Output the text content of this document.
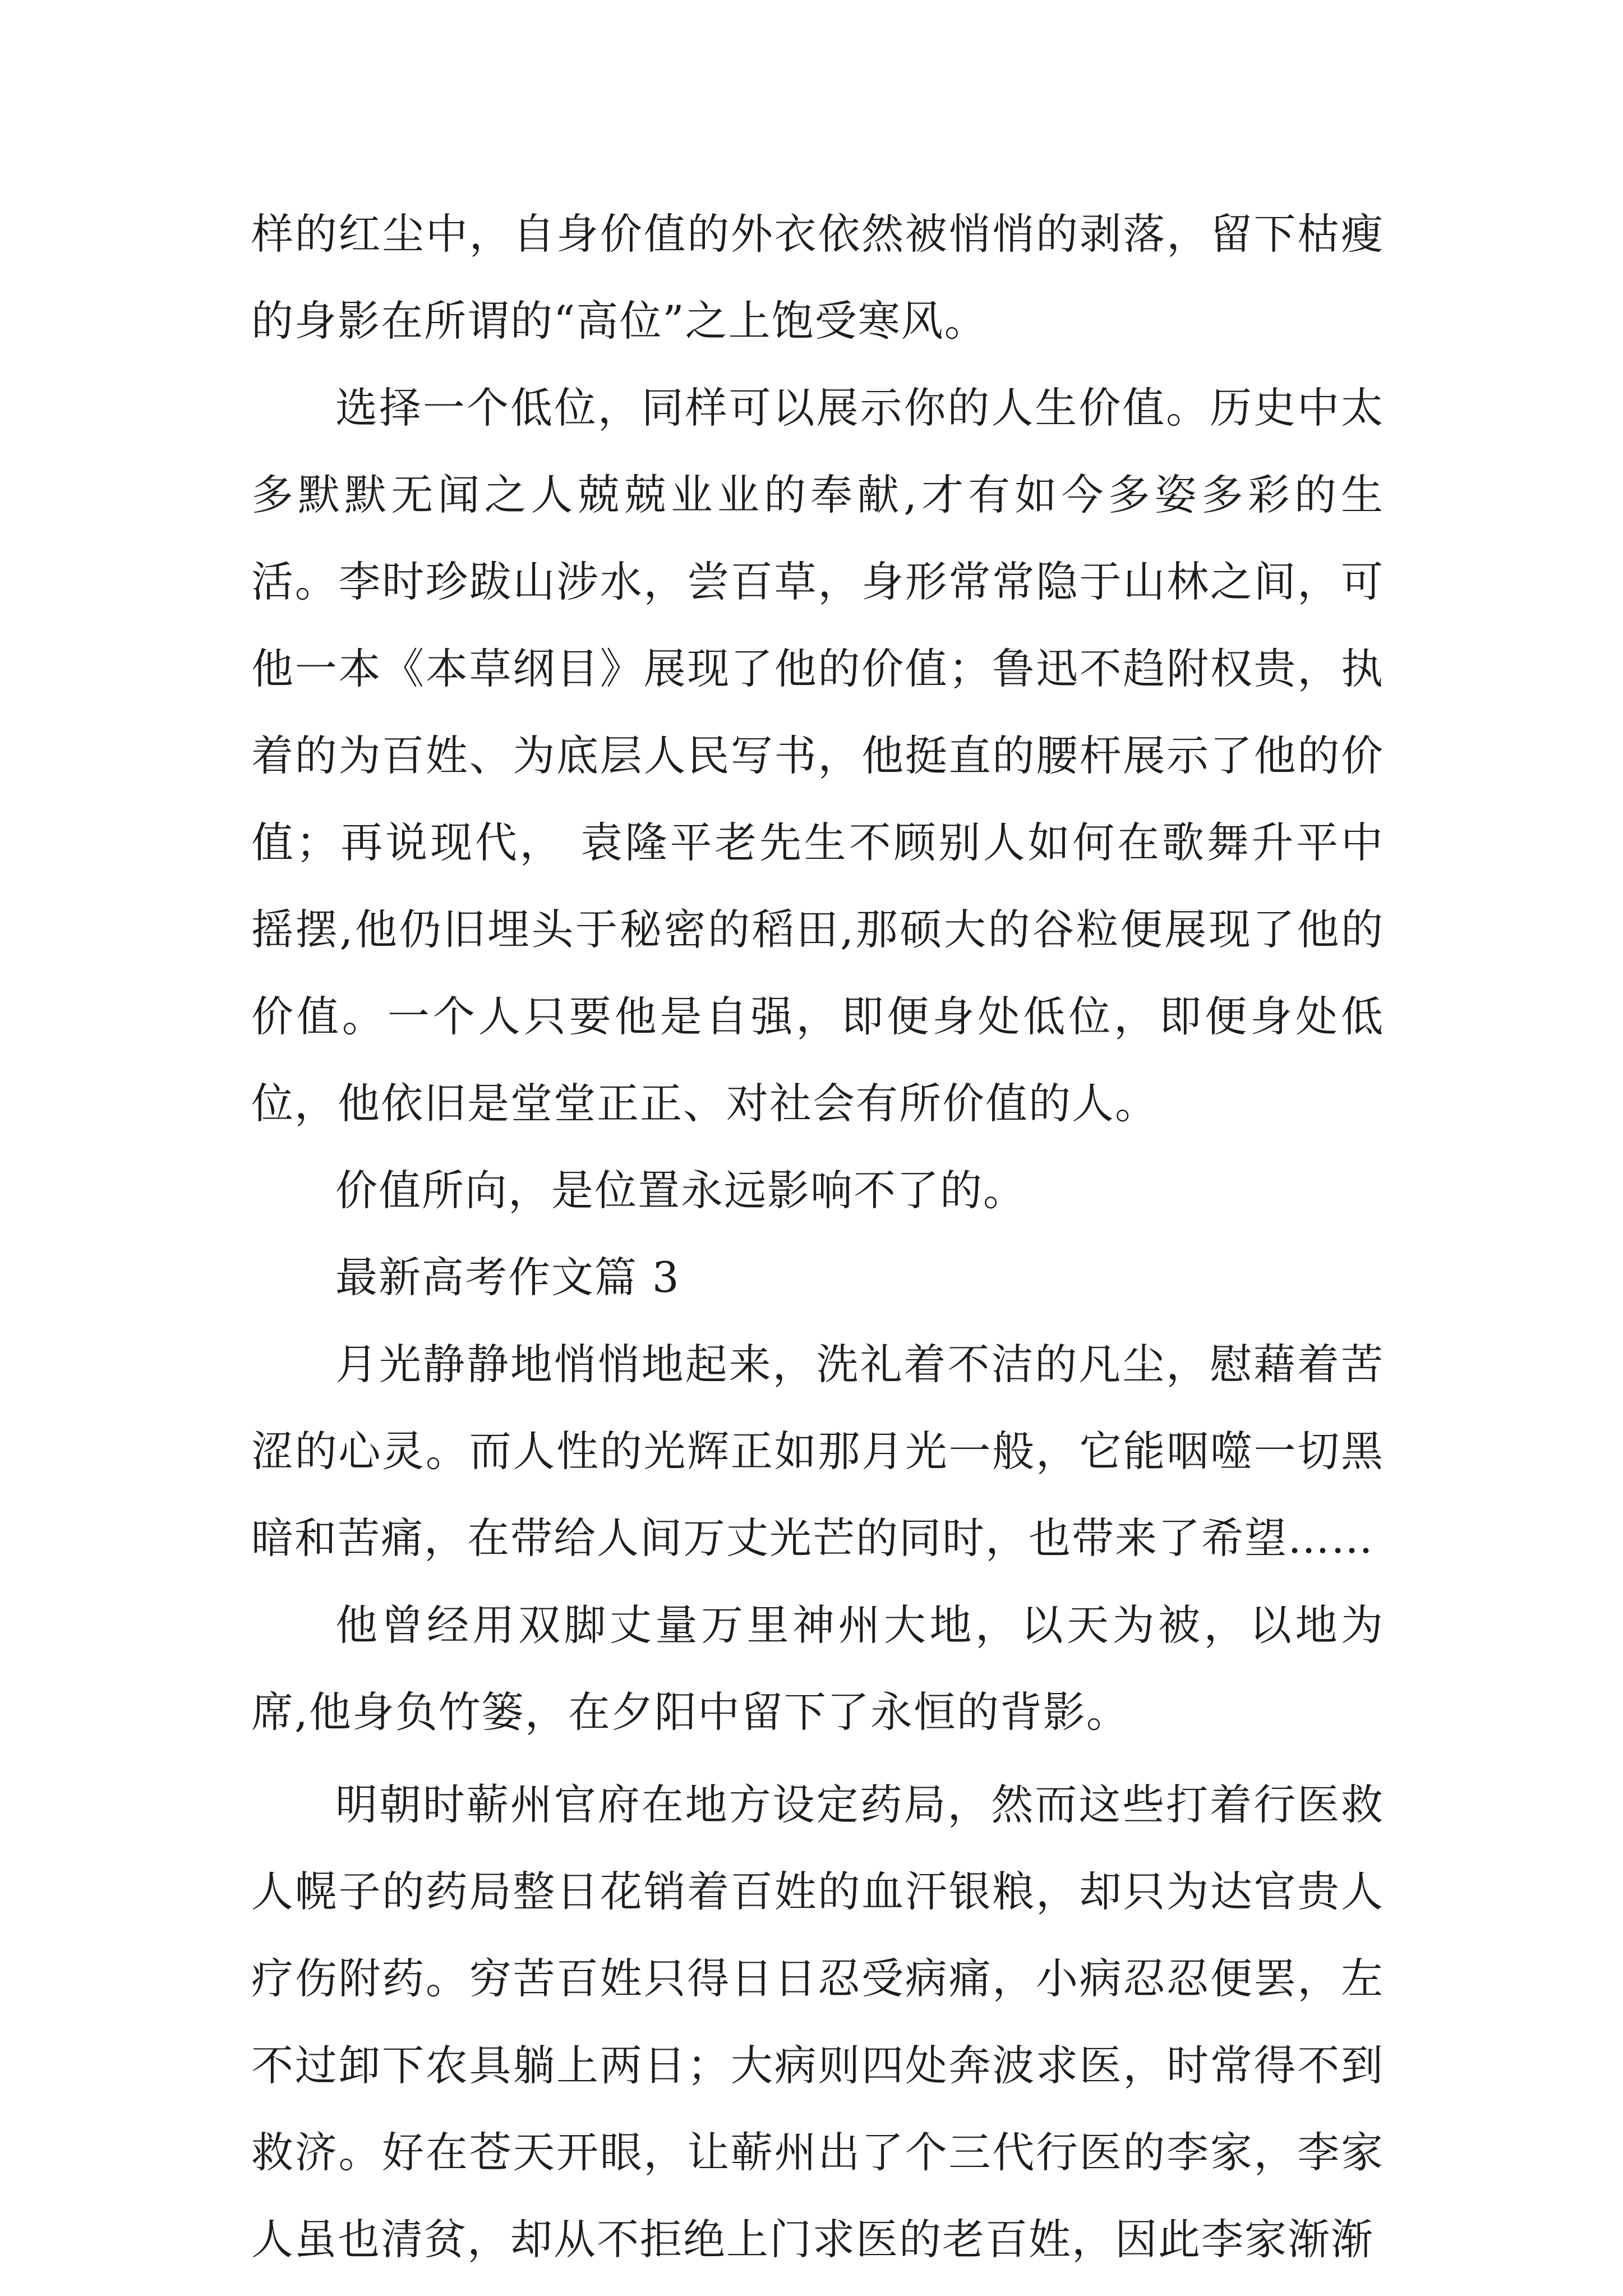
样的红尘中，自身价值的外衣依然被悄悄的剥落，留下枯瘦的身影在所谓的“高位”之上饱受寒风。

选择一个低位，同样可以展示你的人生价值。历史中太多默默无闻之人兢兢业业的奉献,才有如今多姿多彩的生活。李时珍跋山涉水，尝百草，身形常常隐于山林之间，可他一本《本草纲目》展现了他的价值；鲁迅不趋附权贵，执着的为百姓、为底层人民写书，他挺直的腰杆展示了他的价值；再说现代， 袁隆平老先生不顾别人如何在歌舞升平中摇摆,他仍旧埋头于秘密的稻田,那硕大的谷粒便展现了他的价值。一个人只要他是自强，即便身处低位，即便身处低位，他依旧是堂堂正正、对社会有所价值的人。

价值所向，是位置永远影响不了的。

最新高考作文篇 3

月光静静地悄悄地起来，洗礼着不洁的凡尘，慰藉着苦涩的心灵。而人性的光辉正如那月光一般，它能咽噬一切黑暗和苦痛，在带给人间万丈光芒的同时，也带来了希望……

他曾经用双脚丈量万里神州大地，以天为被，以地为席,他身负竹篓，在夕阳中留下了永恒的背影。

明朝时蕲州官府在地方设定药局，然而这些打着行医救人幌子的药局整日花销着百姓的血汗银粮，却只为达官贵人疗伤附药。穷苦百姓只得日日忍受病痛，小病忍忍便罢，左不过卸下农具躺上两日；大病则四处奔波求医，时常得不到救济。好在苍天开眼，让蕲州出了个三代行医的李家，李家人虽也清贫，却从不拒绝上门求医的老百姓，因此李家渐渐
